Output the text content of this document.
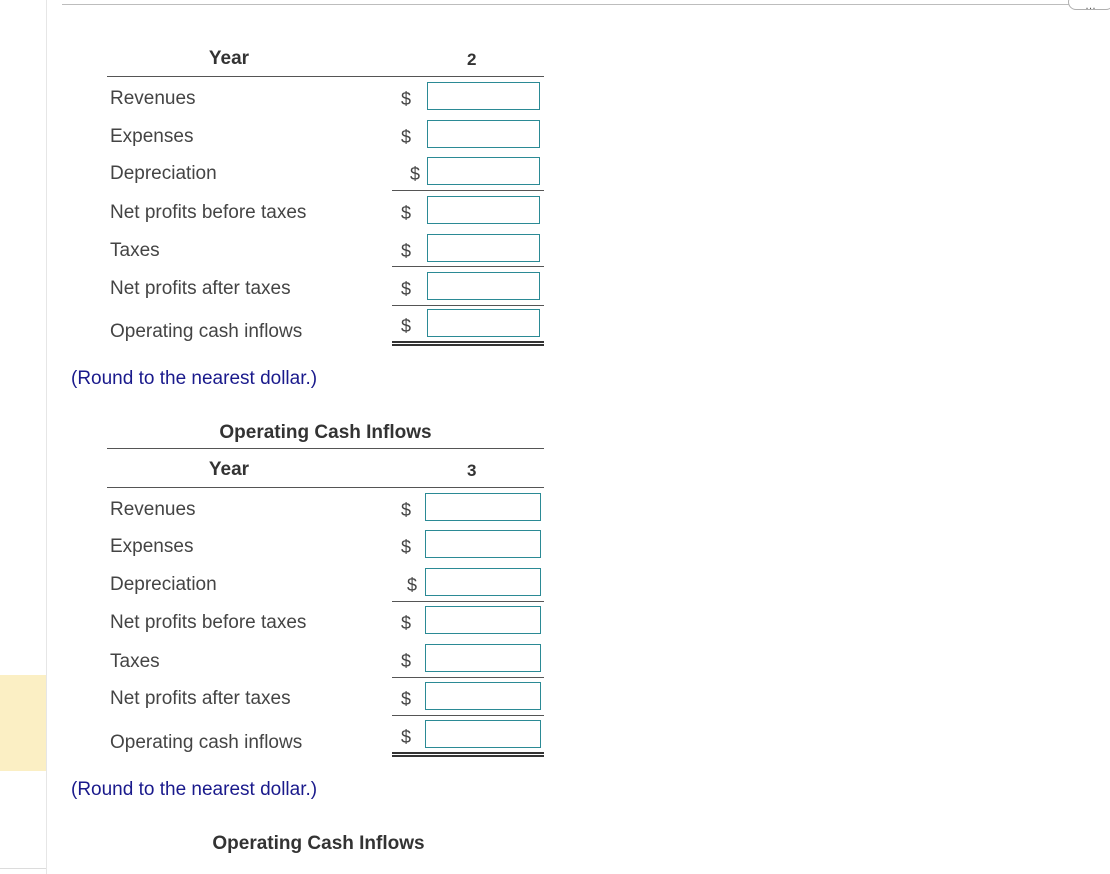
…
Year	2
Revenues	$
Expenses	$
Depreciation	$
Net profits before taxes	$
Taxes	$
Net profits after taxes	$
Operating cash inflows	$
(Round to the nearest dollar.)
Operating Cash Inflows
Year	3
Revenues	$
Expenses	$
Depreciation	$
Net profits before taxes	$
Taxes	$
Net profits after taxes	$
Operating cash inflows	$
(Round to the nearest dollar.)
Operating Cash Inflows
